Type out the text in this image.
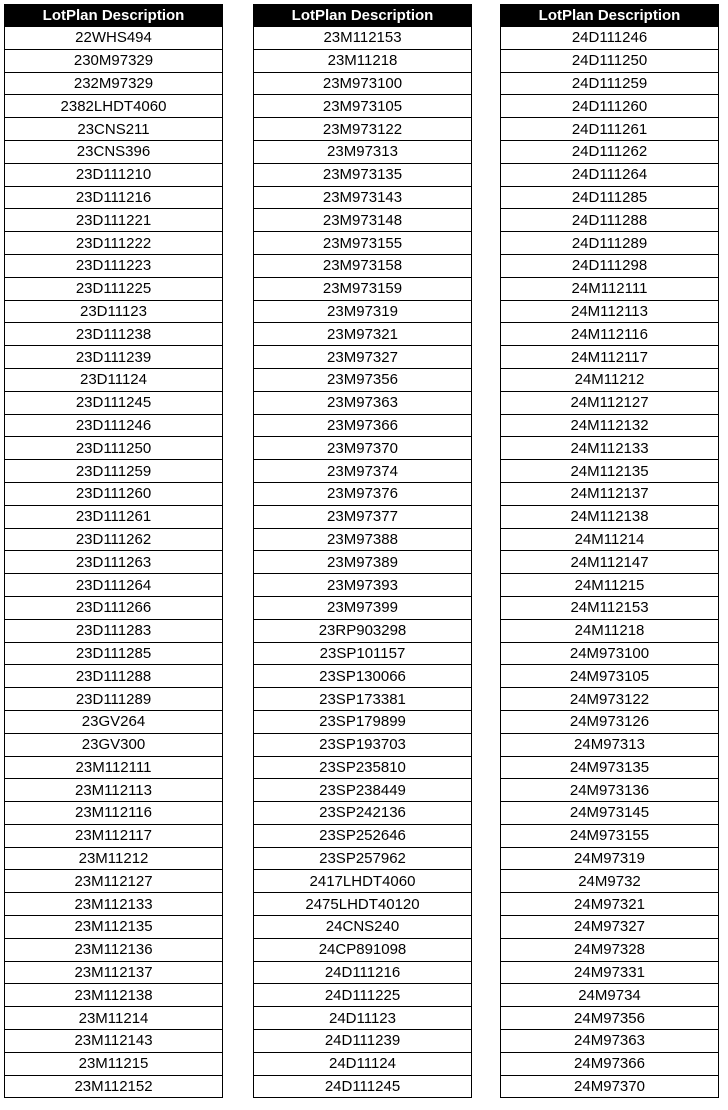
LotPlan Description
22WHS494
230M97329
232M97329
2382LHDT4060
23CNS211
23CNS396
23D111210
23D111216
23D111221
23D111222
23D111223
23D111225
23D11123
23D111238
23D111239
23D11124
23D111245
23D111246
23D111250
23D111259
23D111260
23D111261
23D111262
23D111263
23D111264
23D111266
23D111283
23D111285
23D111288
23D111289
23GV264
23GV300
23M112111
23M112113
23M112116
23M112117
23M11212
23M112127
23M112133
23M112135
23M112136
23M112137
23M112138
23M11214
23M112143
23M11215
23M112152
LotPlan Description
23M112153
23M11218
23M973100
23M973105
23M973122
23M97313
23M973135
23M973143
23M973148
23M973155
23M973158
23M973159
23M97319
23M97321
23M97327
23M97356
23M97363
23M97366
23M97370
23M97374
23M97376
23M97377
23M97388
23M97389
23M97393
23M97399
23RP903298
23SP101157
23SP130066
23SP173381
23SP179899
23SP193703
23SP235810
23SP238449
23SP242136
23SP252646
23SP257962
2417LHDT4060
2475LHDT40120
24CNS240
24CP891098
24D111216
24D111225
24D11123
24D111239
24D11124
24D111245
LotPlan Description
24D111246
24D111250
24D111259
24D111260
24D111261
24D111262
24D111264
24D111285
24D111288
24D111289
24D111298
24M112111
24M112113
24M112116
24M112117
24M11212
24M112127
24M112132
24M112133
24M112135
24M112137
24M112138
24M11214
24M112147
24M11215
24M112153
24M11218
24M973100
24M973105
24M973122
24M973126
24M97313
24M973135
24M973136
24M973145
24M973155
24M97319
24M9732
24M97321
24M97327
24M97328
24M97331
24M9734
24M97356
24M97363
24M97366
24M97370
